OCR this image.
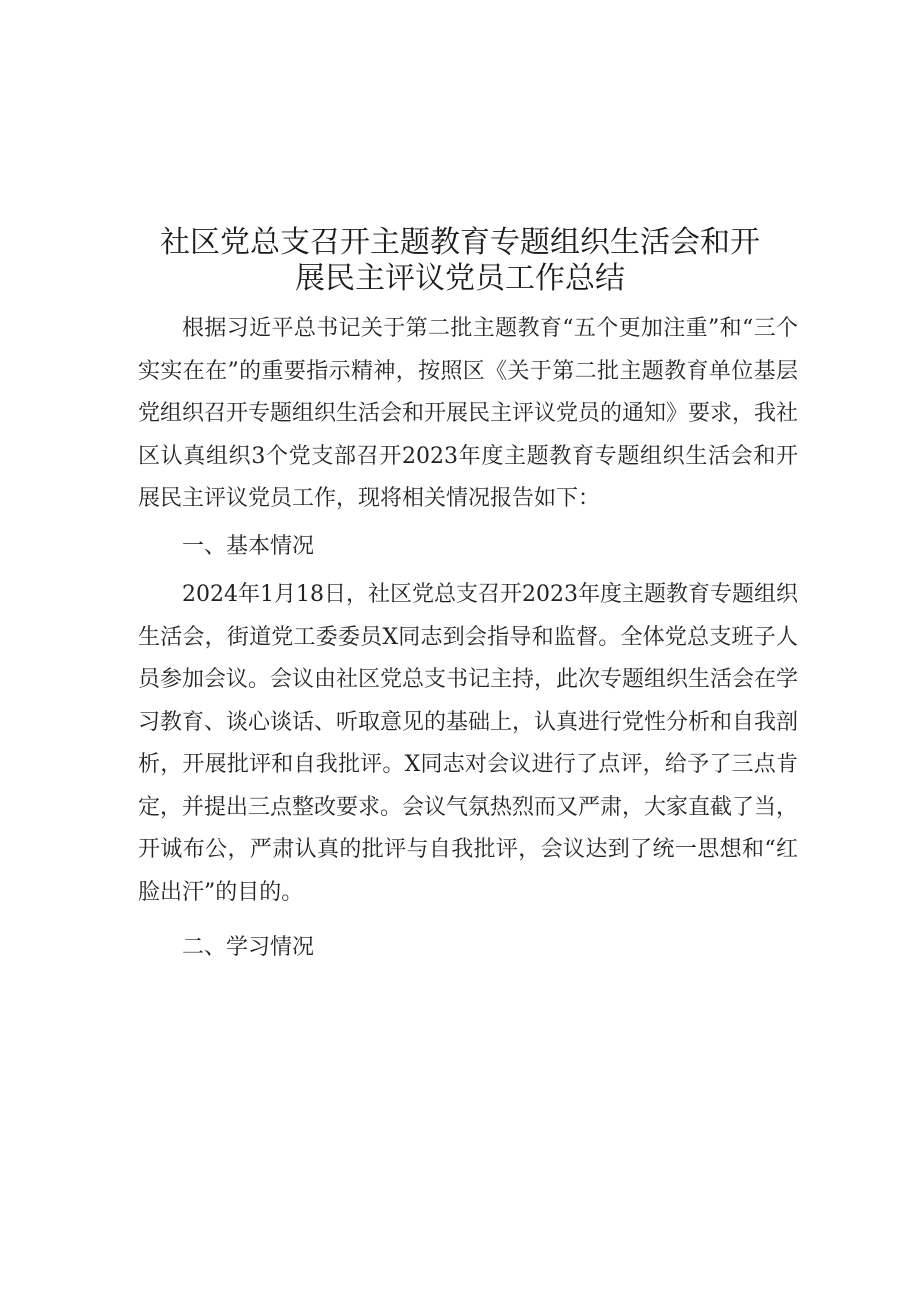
社区党总支召开主题教育专题组织生活会和开
展民主评议党员工作总结

根据习近平总书记关于第二批主题教育“五个更加注重”和“三个实实在在”的重要指示精神，按照区《关于第二批主题教育单位基层党组织召开专题组织生活会和开展民主评议党员的通知》要求，我社区认真组织3个党支部召开2023年度主题教育专题组织生活会和开展民主评议党员工作，现将相关情况报告如下：

一、基本情况

2024年1月18日，社区党总支召开2023年度主题教育专题组织生活会，街道党工委委员X同志到会指导和监督。全体党总支班子人员参加会议。会议由社区党总支书记主持，此次专题组织生活会在学习教育、谈心谈话、听取意见的基础上，认真进行党性分析和自我剖析，开展批评和自我批评。X同志对会议进行了点评，给予了三点肯定，并提出三点整改要求。会议气氛热烈而又严肃，大家直截了当，开诚布公，严肃认真的批评与自我批评，会议达到了统一思想和“红脸出汗”的目的。

二、学习情况
